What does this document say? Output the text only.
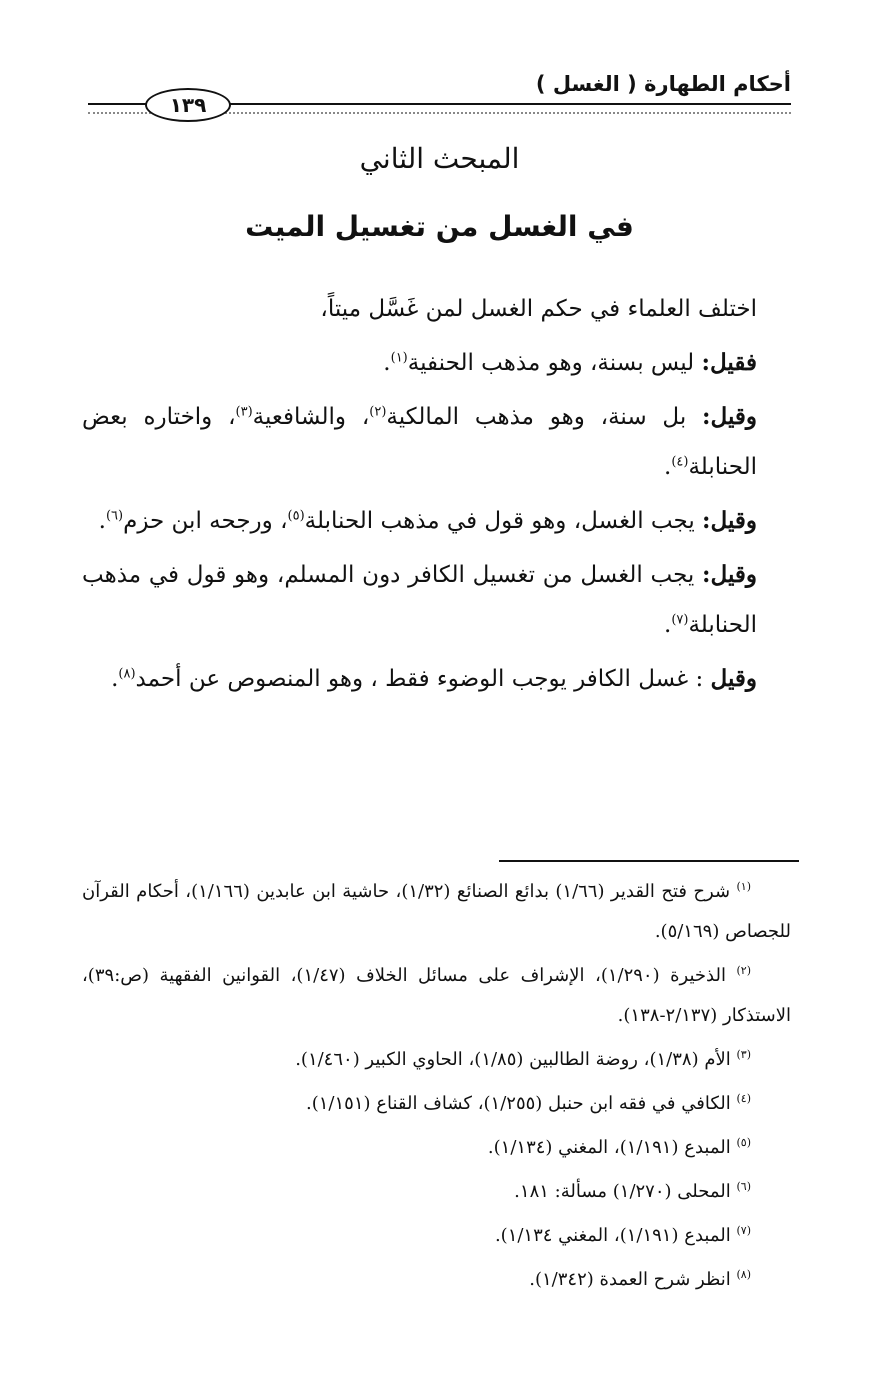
أحكام الطهارة ( الغسل )
١٣٩
المبحث الثاني
في الغسل من تغسيل الميت

اختلف العلماء في حكم الغسل لمن غَسَّل ميتاً،

فقيل: ليس بسنة، وهو مذهب الحنفية$^{(١)}$.

وقيل: بل سنة، وهو مذهب المالكية$^{(٢)}$، والشافعية$^{(٣)}$، واختاره بعض الحنابلة$^{(٤)}$.

وقيل: يجب الغسل، وهو قول في مذهب الحنابلة$^{(٥)}$، ورجحه ابن حزم$^{(٦)}$.

وقيل: يجب الغسل من تغسيل الكافر دون المسلم، وهو قول في مذهب الحنابلة$^{(٧)}$.

وقيل : غسل الكافر يوجب الوضوء فقط ، وهو المنصوص عن أحمد$^{(٨)}$.

$^{(١)}$ شرح فتح القدير (١/٦٦) بدائع الصنائع (١/٣٢)، حاشية ابن عابدين (١/١٦٦)، أحكام القرآن للجصاص (٥/١٦٩).
$^{(٢)}$ الذخيرة (١/٢٩٠)، الإشراف على مسائل الخلاف (١/٤٧)، القوانين الفقهية (ص:٣٩)، الاستذكار (٢/١٣٧-١٣٨).
$^{(٣)}$ الأم (١/٣٨)، روضة الطالبين (١/٨٥)، الحاوي الكبير (١/٤٦٠).
$^{(٤)}$ الكافي في فقه ابن حنبل (١/٢٥٥)، كشاف القناع (١/١٥١).
$^{(٥)}$ المبدع (١/١٩١)، المغني (١/١٣٤).
$^{(٦)}$ المحلى (١/٢٧٠) مسألة: ١٨١.
$^{(٧)}$ المبدع (١/١٩١)، المغني ١/١٣٤).
$^{(٨)}$ انظر شرح العمدة (١/٣٤٢).
